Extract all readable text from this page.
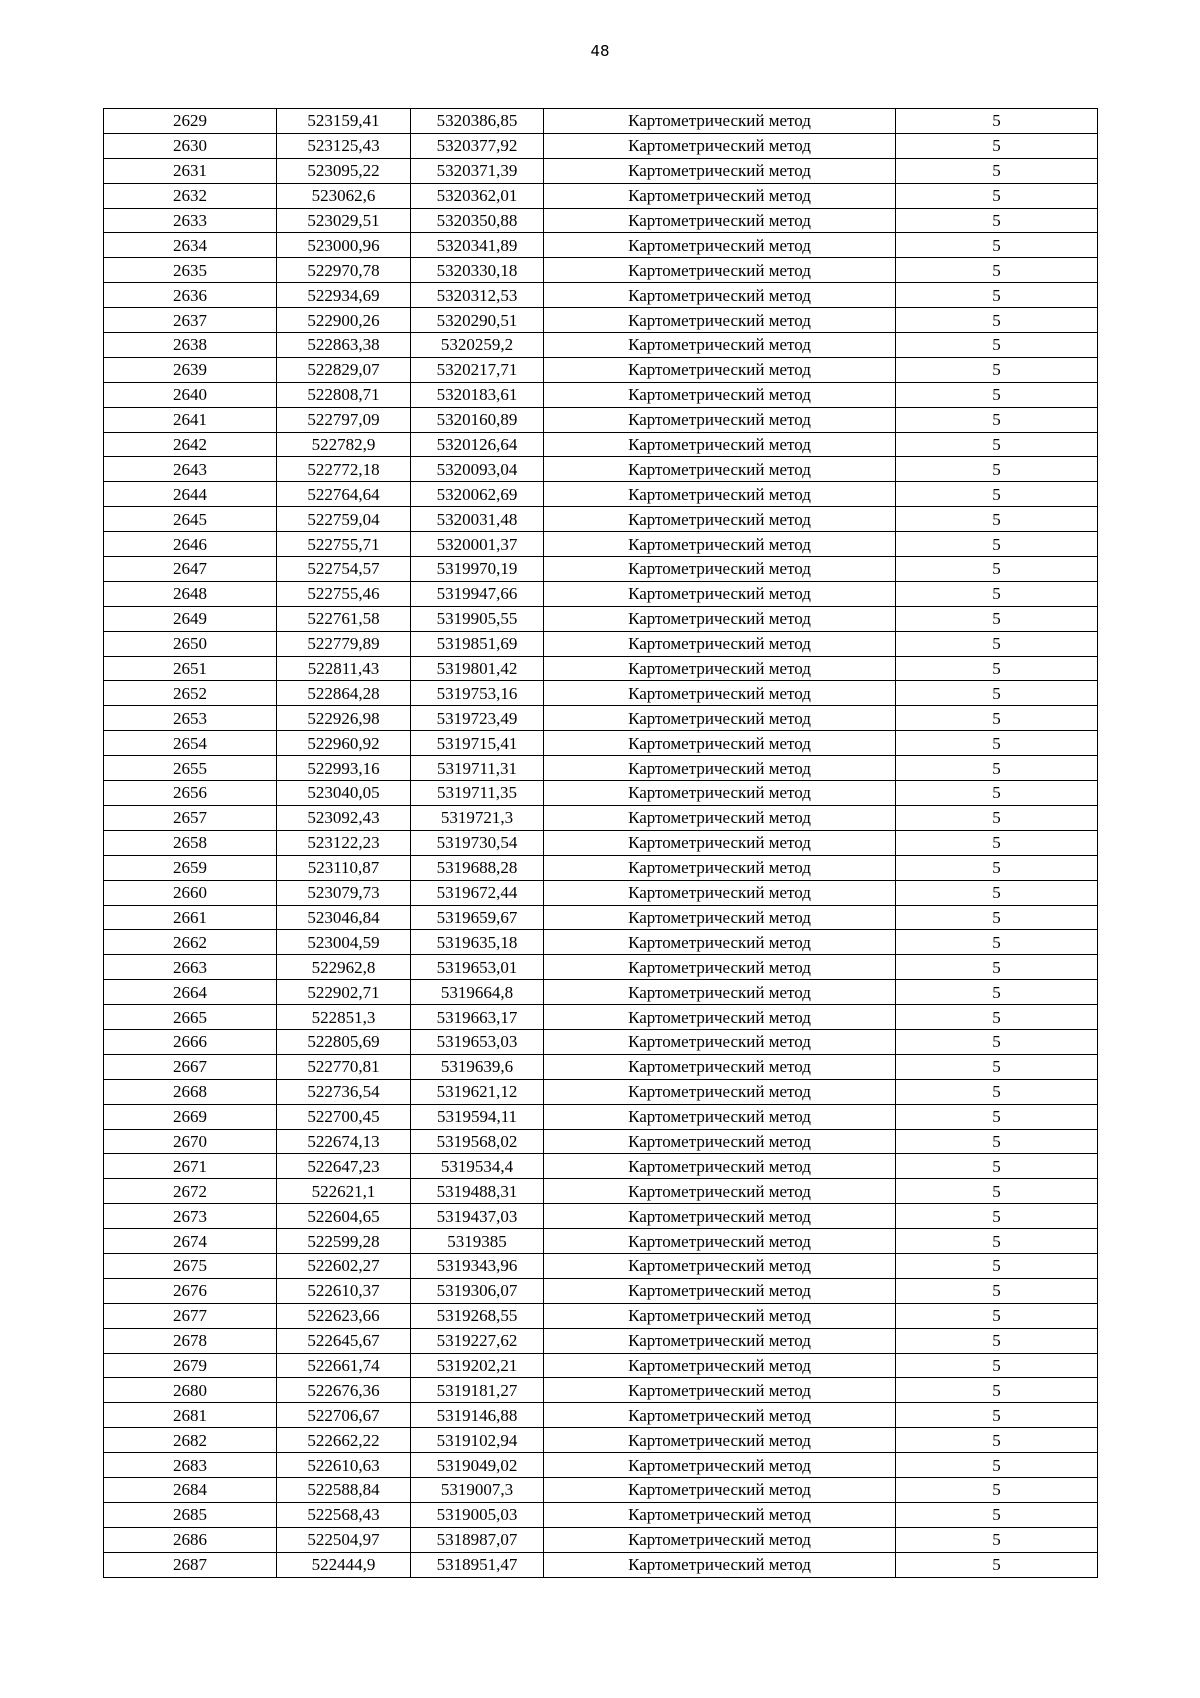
48
2629	523159,41	5320386,85	Картометрический метод	5
2630	523125,43	5320377,92	Картометрический метод	5
2631	523095,22	5320371,39	Картометрический метод	5
2632	523062,6	5320362,01	Картометрический метод	5
2633	523029,51	5320350,88	Картометрический метод	5
2634	523000,96	5320341,89	Картометрический метод	5
2635	522970,78	5320330,18	Картометрический метод	5
2636	522934,69	5320312,53	Картометрический метод	5
2637	522900,26	5320290,51	Картометрический метод	5
2638	522863,38	5320259,2	Картометрический метод	5
2639	522829,07	5320217,71	Картометрический метод	5
2640	522808,71	5320183,61	Картометрический метод	5
2641	522797,09	5320160,89	Картометрический метод	5
2642	522782,9	5320126,64	Картометрический метод	5
2643	522772,18	5320093,04	Картометрический метод	5
2644	522764,64	5320062,69	Картометрический метод	5
2645	522759,04	5320031,48	Картометрический метод	5
2646	522755,71	5320001,37	Картометрический метод	5
2647	522754,57	5319970,19	Картометрический метод	5
2648	522755,46	5319947,66	Картометрический метод	5
2649	522761,58	5319905,55	Картометрический метод	5
2650	522779,89	5319851,69	Картометрический метод	5
2651	522811,43	5319801,42	Картометрический метод	5
2652	522864,28	5319753,16	Картометрический метод	5
2653	522926,98	5319723,49	Картометрический метод	5
2654	522960,92	5319715,41	Картометрический метод	5
2655	522993,16	5319711,31	Картометрический метод	5
2656	523040,05	5319711,35	Картометрический метод	5
2657	523092,43	5319721,3	Картометрический метод	5
2658	523122,23	5319730,54	Картометрический метод	5
2659	523110,87	5319688,28	Картометрический метод	5
2660	523079,73	5319672,44	Картометрический метод	5
2661	523046,84	5319659,67	Картометрический метод	5
2662	523004,59	5319635,18	Картометрический метод	5
2663	522962,8	5319653,01	Картометрический метод	5
2664	522902,71	5319664,8	Картометрический метод	5
2665	522851,3	5319663,17	Картометрический метод	5
2666	522805,69	5319653,03	Картометрический метод	5
2667	522770,81	5319639,6	Картометрический метод	5
2668	522736,54	5319621,12	Картометрический метод	5
2669	522700,45	5319594,11	Картометрический метод	5
2670	522674,13	5319568,02	Картометрический метод	5
2671	522647,23	5319534,4	Картометрический метод	5
2672	522621,1	5319488,31	Картометрический метод	5
2673	522604,65	5319437,03	Картометрический метод	5
2674	522599,28	5319385	Картометрический метод	5
2675	522602,27	5319343,96	Картометрический метод	5
2676	522610,37	5319306,07	Картометрический метод	5
2677	522623,66	5319268,55	Картометрический метод	5
2678	522645,67	5319227,62	Картометрический метод	5
2679	522661,74	5319202,21	Картометрический метод	5
2680	522676,36	5319181,27	Картометрический метод	5
2681	522706,67	5319146,88	Картометрический метод	5
2682	522662,22	5319102,94	Картометрический метод	5
2683	522610,63	5319049,02	Картометрический метод	5
2684	522588,84	5319007,3	Картометрический метод	5
2685	522568,43	5319005,03	Картометрический метод	5
2686	522504,97	5318987,07	Картометрический метод	5
2687	522444,9	5318951,47	Картометрический метод	5
